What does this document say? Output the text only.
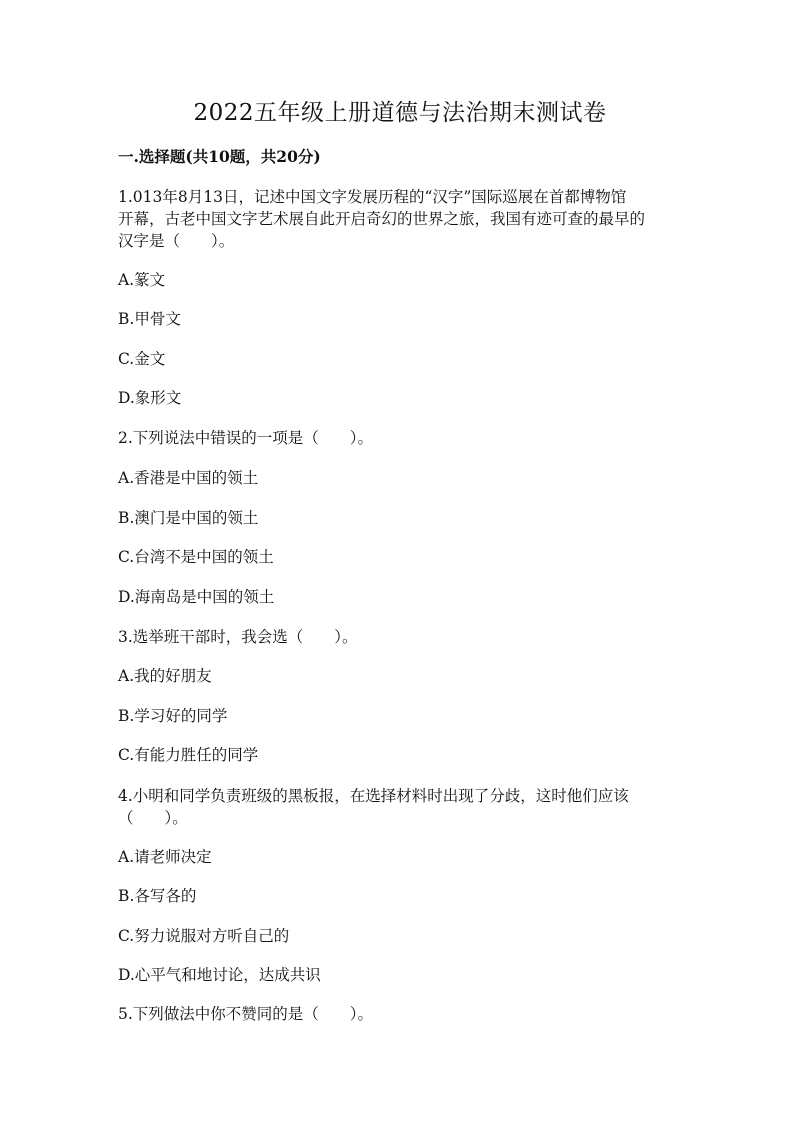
2022五年级上册道德与法治期末测试卷
一.选择题(共10题，共20分)
1.013年8月13日，记述中国文字发展历程的“汉字”国际巡展在首都博物馆
开幕，古老中国文字艺术展自此开启奇幻的世界之旅，我国有迹可查的最早的
汉字是（　　）。
A.篆文
B.甲骨文
C.金文
D.象形文
2.下列说法中错误的一项是（　　）。
A.香港是中国的领土
B.澳门是中国的领土
C.台湾不是中国的领土
D.海南岛是中国的领土
3.选举班干部时，我会选（　　）。
A.我的好朋友
B.学习好的同学
C.有能力胜任的同学
4.小明和同学负责班级的黑板报，在选择材料时出现了分歧，这时他们应该
（　　）。
A.请老师决定
B.各写各的
C.努力说服对方听自己的
D.心平气和地讨论，达成共识
5.下列做法中你不赞同的是（　　）。
